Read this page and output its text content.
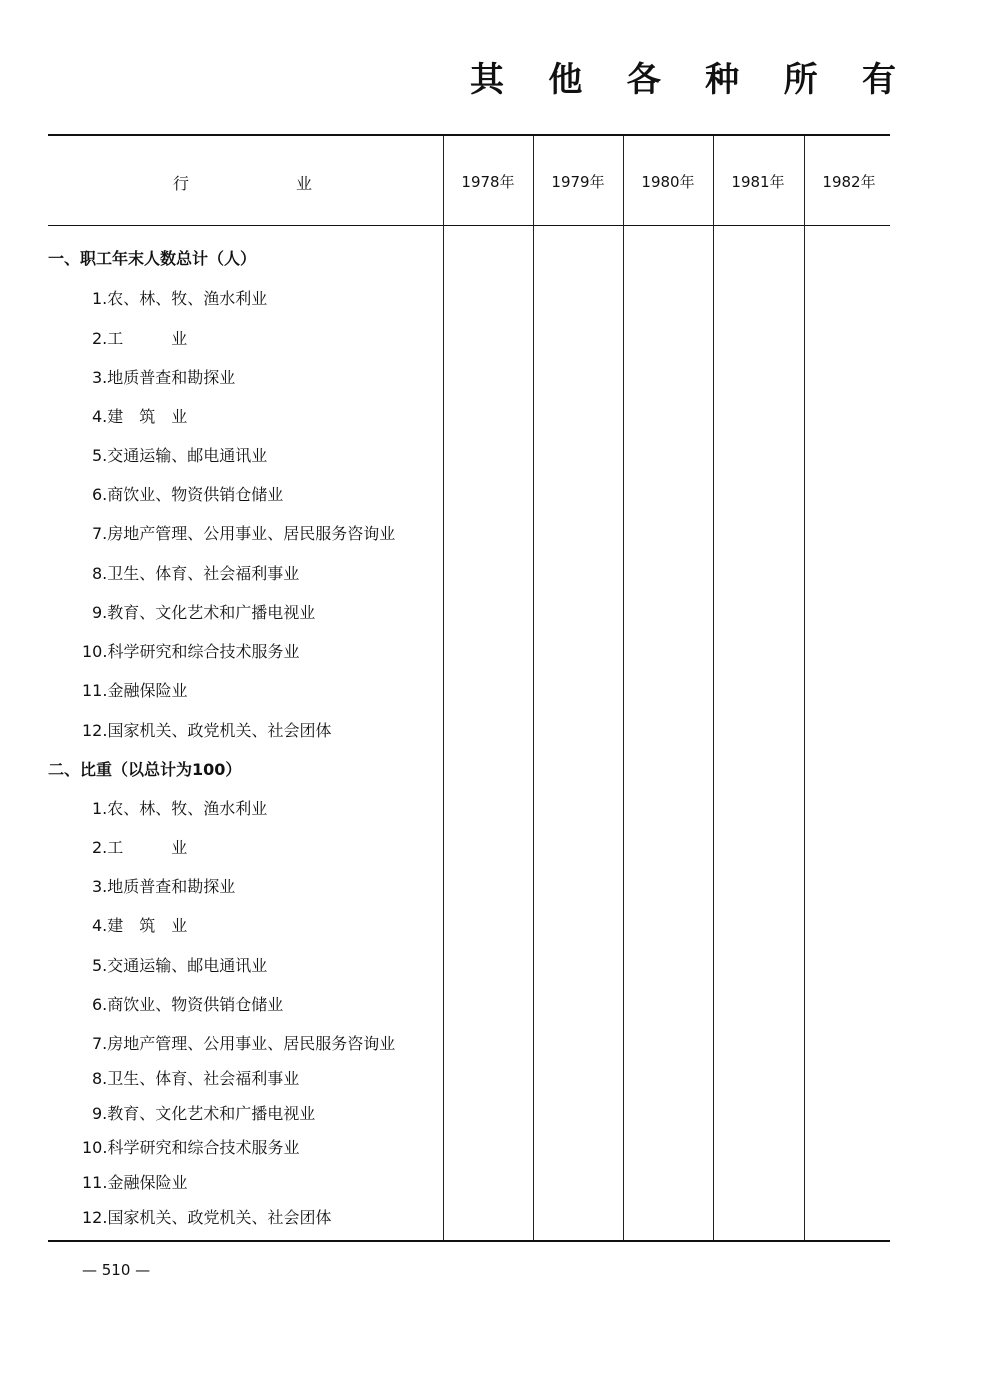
其 他 各 种 所 有
行	业	1978年	1979年	1980年	1981年	1982年
一、职工年末人数总计（人）
1.农、林、牧、渔水利业
2.工　　　业
3.地质普查和勘探业
4.建　筑　业
5.交通运输、邮电通讯业
6.商饮业、物资供销仓储业
7.房地产管理、公用事业、居民服务咨询业
8.卫生、体育、社会福利事业
9.教育、文化艺术和广播电视业
10.科学研究和综合技术服务业
11.金融保险业
12.国家机关、政党机关、社会团体
二、比重（以总计为100）
1.农、林、牧、渔水利业
2.工　　　业
3.地质普查和勘探业
4.建　筑　业
5.交通运输、邮电通讯业
6.商饮业、物资供销仓储业
7.房地产管理、公用事业、居民服务咨询业
8.卫生、体育、社会福利事业
9.教育、文化艺术和广播电视业
10.科学研究和综合技术服务业
11.金融保险业
12.国家机关、政党机关、社会团体
— 510 —
